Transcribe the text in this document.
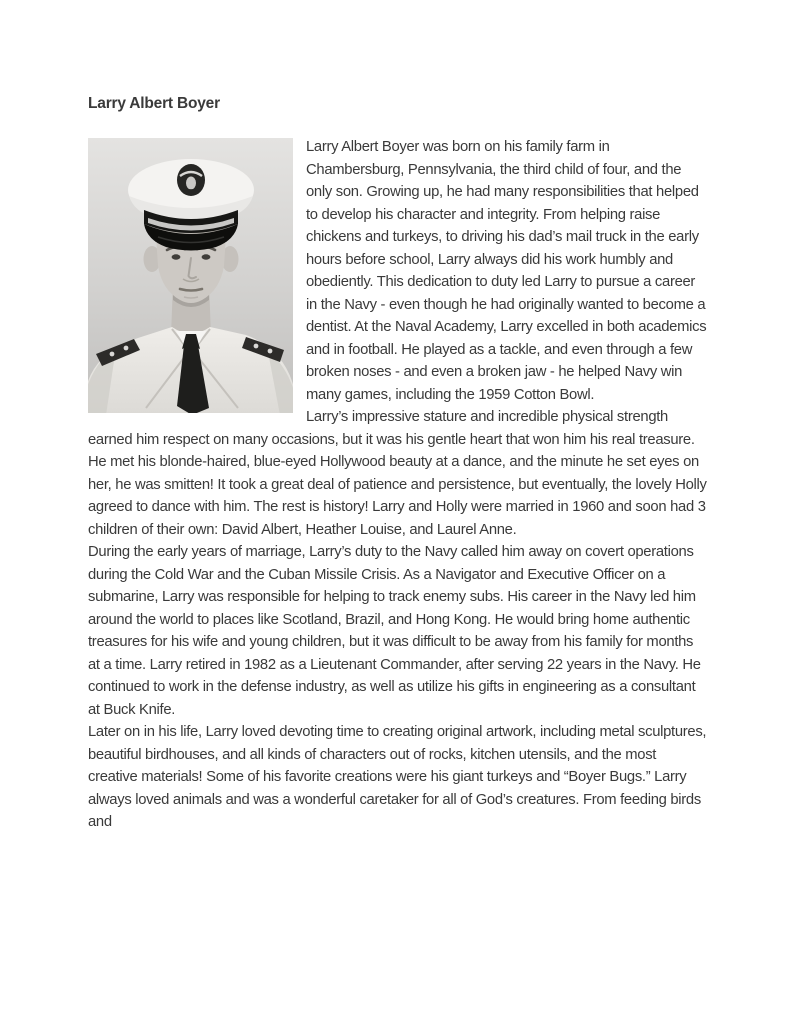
Larry Albert Boyer

Larry Albert Boyer was born on his family farm in Chambersburg, Pennsylvania, the third child of four, and the only son. Growing up, he had many responsibilities that helped to develop his character and integrity. From helping raise chickens and turkeys, to driving his dad’s mail truck in the early hours before school, Larry always did his work humbly and obediently. This dedication to duty led Larry to pursue a career in the Navy - even though he had originally wanted to become a dentist. At the Naval Academy, Larry excelled in both academics and in football. He played as a tackle, and even through a few broken noses - and even a broken jaw - he helped Navy win many games, including the 1959 Cotton Bowl.

Larry’s impressive stature and incredible physical strength earned him respect on many occasions, but it was his gentle heart that won him his real treasure. He met his blonde-haired, blue-eyed Hollywood beauty at a dance, and the minute he set eyes on her, he was smitten! It took a great deal of patience and persistence, but eventually, the lovely Holly agreed to dance with him. The rest is history! Larry and Holly were married in 1960 and soon had 3 children of their own: David Albert, Heather Louise, and Laurel Anne.

During the early years of marriage, Larry’s duty to the Navy called him away on covert operations during the Cold War and the Cuban Missile Crisis. As a Navigator and Executive Officer on a submarine, Larry was responsible for helping to track enemy subs. His career in the Navy led him around the world to places like Scotland, Brazil, and Hong Kong. He would bring home authentic treasures for his wife and young children, but it was difficult to be away from his family for months at a time. Larry retired in 1982 as a Lieutenant Commander, after serving 22 years in the Navy. He continued to work in the defense industry, as well as utilize his gifts in engineering as a consultant at Buck Knife.

Later on in his life, Larry loved devoting time to creating original artwork, including metal sculptures, beautiful birdhouses, and all kinds of characters out of rocks, kitchen utensils, and the most creative materials! Some of his favorite creations were his giant turkeys and “Boyer Bugs.” Larry always loved animals and was a wonderful caretaker for all of God’s creatures. From feeding birds and
